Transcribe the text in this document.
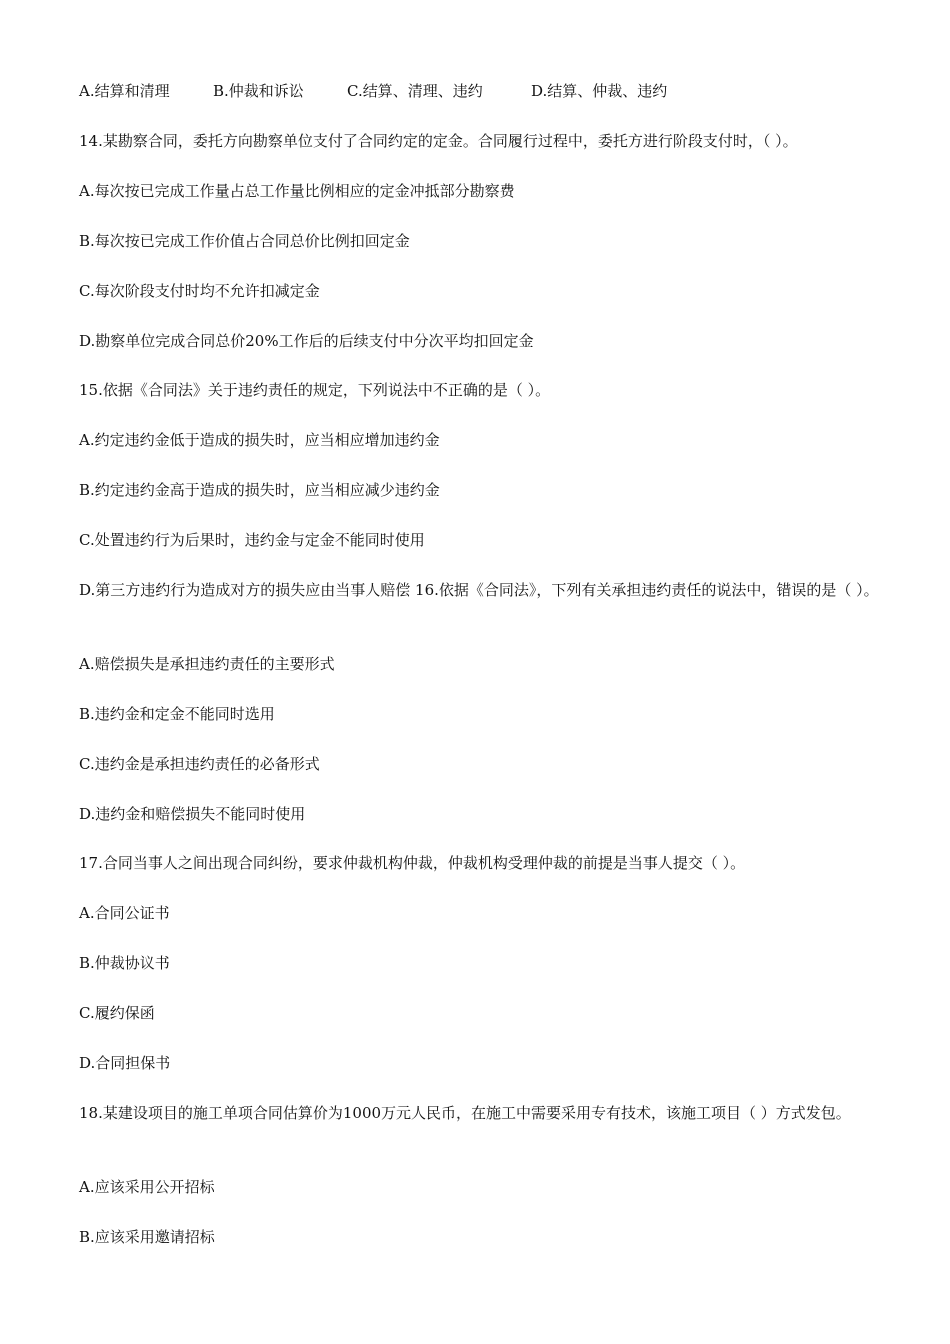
A.结算和清理	B.仲裁和诉讼	C.结算、清理、违约	D.结算、仲裁、违约
14.某勘察合同，委托方向勘察单位支付了合同约定的定金。合同履行过程中，委托方进行阶段支付时，（ ）。
A.每次按已完成工作量占总工作量比例相应的定金冲抵部分勘察费
B.每次按已完成工作价值占合同总价比例扣回定金
C.每次阶段支付时均不允许扣减定金
D.勘察单位完成合同总价20%工作后的后续支付中分次平均扣回定金
15.依据《合同法》关于违约责任的规定，下列说法中不正确的是（ ）。
A.约定违约金低于造成的损失时，应当相应增加违约金
B.约定违约金高于造成的损失时，应当相应减少违约金
C.处置违约行为后果时，违约金与定金不能同时使用
D.第三方违约行为造成对方的损失应由当事人赔偿 16.依据《合同法》，下列有关承担违约责任的说法中，错误的是（ ）。
A.赔偿损失是承担违约责任的主要形式
B.违约金和定金不能同时选用
C.违约金是承担违约责任的必备形式
D.违约金和赔偿损失不能同时使用
17.合同当事人之间出现合同纠纷，要求仲裁机构仲裁，仲裁机构受理仲裁的前提是当事人提交（ ）。
A.合同公证书
B.仲裁协议书
C.履约保函
D.合同担保书
18.某建设项目的施工单项合同估算价为1000万元人民币，在施工中需要采用专有技术，该施工项目（ ）方式发包。
A.应该采用公开招标
B.应该采用邀请招标
